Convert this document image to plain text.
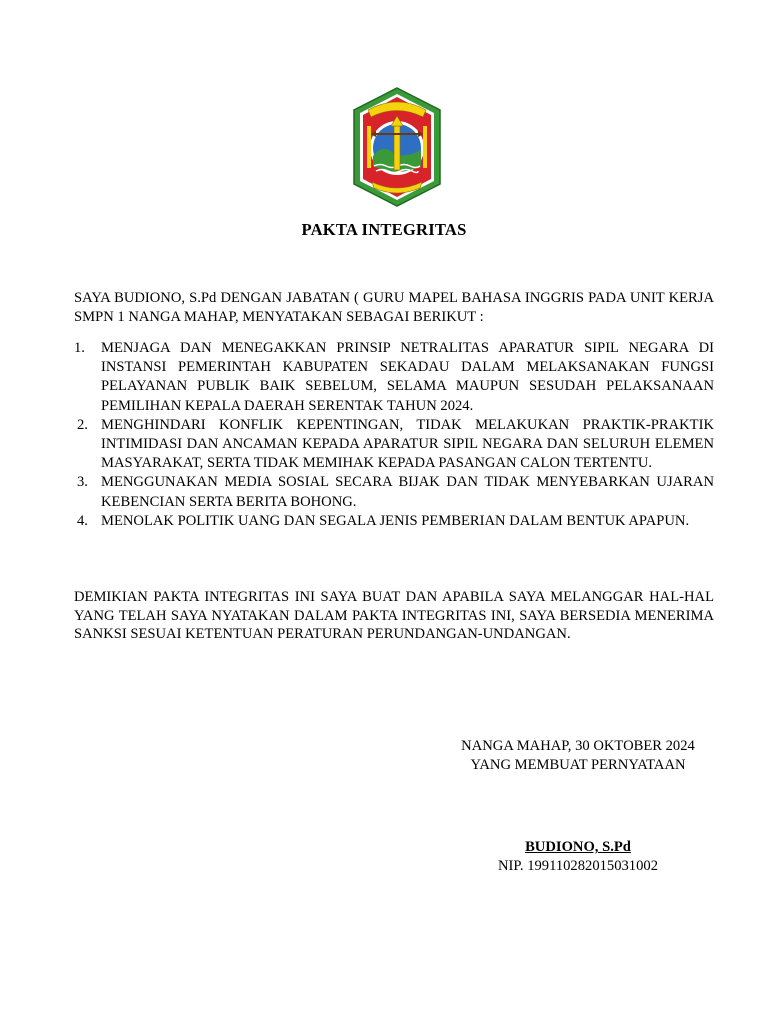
PAKTA INTEGRITAS
SAYA BUDIONO, S.Pd DENGAN JABATAN ( GURU MAPEL BAHASA INGGRIS PADA UNIT KERJA SMPN 1 NANGA MAHAP, MENYATAKAN SEBAGAI BERIKUT :
1. MENJAGA DAN MENEGAKKAN PRINSIP NETRALITAS APARATUR SIPIL NEGARA DI INSTANSI PEMERINTAH KABUPATEN SEKADAU DALAM MELAKSANAKAN FUNGSI PELAYANAN PUBLIK BAIK SEBELUM, SELAMA MAUPUN SESUDAH PELAKSANAAN PEMILIHAN KEPALA DAERAH SERENTAK TAHUN 2024.
2. MENGHINDARI KONFLIK KEPENTINGAN, TIDAK MELAKUKAN PRAKTIK-PRAKTIK INTIMIDASI DAN ANCAMAN KEPADA APARATUR SIPIL NEGARA DAN SELURUH ELEMEN MASYARAKAT, SERTA TIDAK MEMIHAK KEPADA PASANGAN CALON TERTENTU.
3. MENGGUNAKAN MEDIA SOSIAL SECARA BIJAK DAN TIDAK MENYEBARKAN UJARAN KEBENCIAN SERTA BERITA BOHONG.
4. MENOLAK POLITIK UANG DAN SEGALA JENIS PEMBERIAN DALAM BENTUK APAPUN.
DEMIKIAN PAKTA INTEGRITAS INI SAYA BUAT DAN APABILA SAYA MELANGGAR HAL-HAL YANG TELAH SAYA NYATAKAN DALAM PAKTA INTEGRITAS INI, SAYA BERSEDIA MENERIMA SANKSI SESUAI KETENTUAN PERATURAN PERUNDANGAN-UNDANGAN.
NANGA MAHAP, 30 OKTOBER 2024
YANG MEMBUAT PERNYATAAN
BUDIONO, S.Pd
NIP. 199110282015031002
